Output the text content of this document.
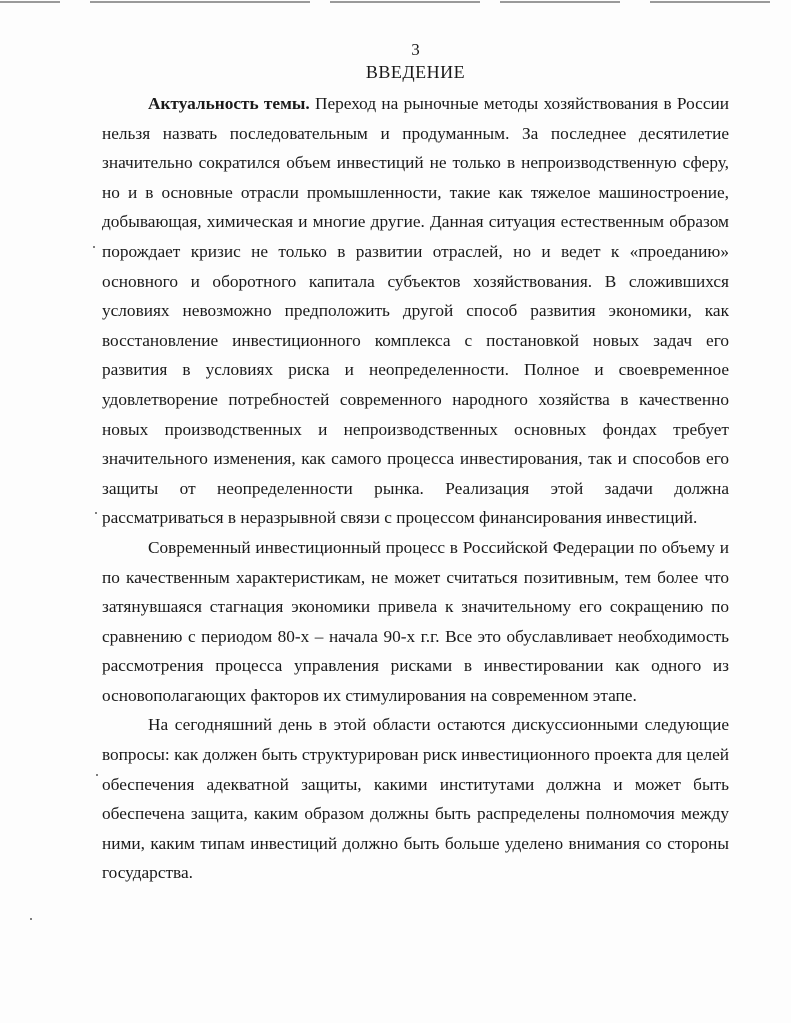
3
ВВЕДЕНИЕ

Актуальность темы. Переход на рыночные методы хозяйствования в России нельзя назвать последовательным и продуманным. За последнее десятилетие значительно сократился объем инвестиций не только в непроизводственную сферу, но и в основные отрасли промышленности, такие как тяжелое машиностроение, добывающая, химическая и многие другие. Данная ситуация естественным образом порождает кризис не только в развитии отраслей, но и ведет к «проеданию» основного и оборотного капитала субъектов хозяйствования. В сложившихся условиях невозможно предположить другой способ развития экономики, как восстановление инвестиционного комплекса с постановкой новых задач его развития в условиях риска и неопределенности. Полное и своевременное удовлетворение потребностей современного народного хозяйства в качественно новых производственных и непроизводственных основных фондах требует значительного изменения, как самого процесса инвестирования, так и способов его защиты от неопределенности рынка. Реализация этой задачи должна рассматриваться в неразрывной связи с процессом финансирования инвестиций.

Современный инвестиционный процесс в Российской Федерации по объему и по качественным характеристикам, не может считаться позитивным, тем более что затянувшаяся стагнация экономики привела к значительному его сокращению по сравнению с периодом 80-х – начала 90-х г.г. Все это обуславливает необходимость рассмотрения процесса управления рисками в инвестировании как одного из основополагающих факторов их стимулирования на современном этапе.

На сегодняшний день в этой области остаются дискуссионными следующие вопросы: как должен быть структурирован риск инвестиционного проекта для целей обеспечения адекватной защиты, какими институтами должна и может быть обеспечена защита, каким образом должны быть распределены полномочия между ними, каким типам инвестиций должно быть больше уделено внимания со стороны государства.
